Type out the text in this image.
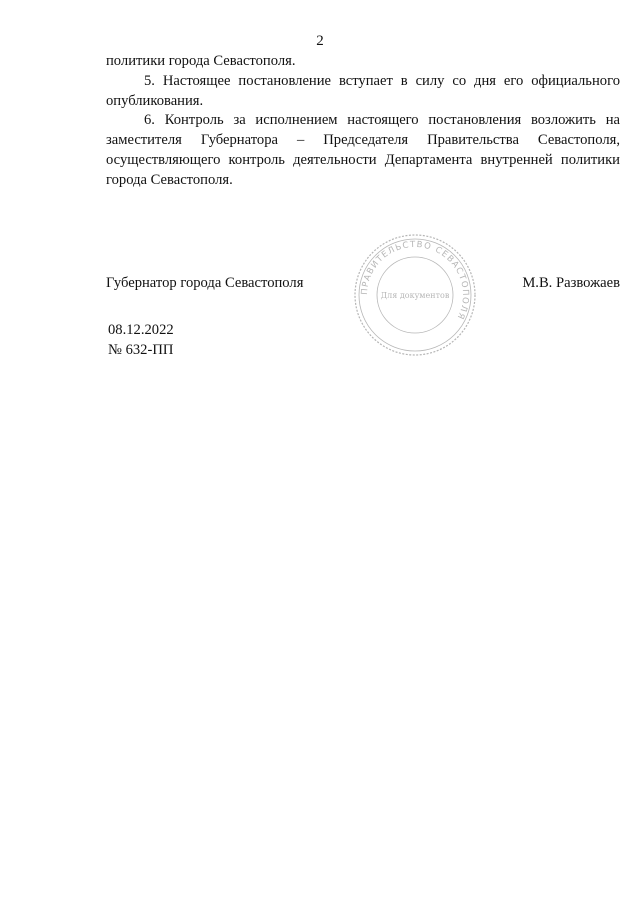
2

политики города Севастополя.

5. Настоящее постановление вступает в силу со дня его официального опубликования.

6. Контроль за исполнением настоящего постановления возложить на заместителя Губернатора – Председателя Правительства Севастополя, осуществляющего контроль деятельности Департамента внутренней политики города Севастополя.

Губернатор города Севастополя	М.В. Развожаев
ПРАВИТЕЛЬСТВО СЕВАСТОПОЛЯ
Для документов
08.12.2022
№ 632-ПП
